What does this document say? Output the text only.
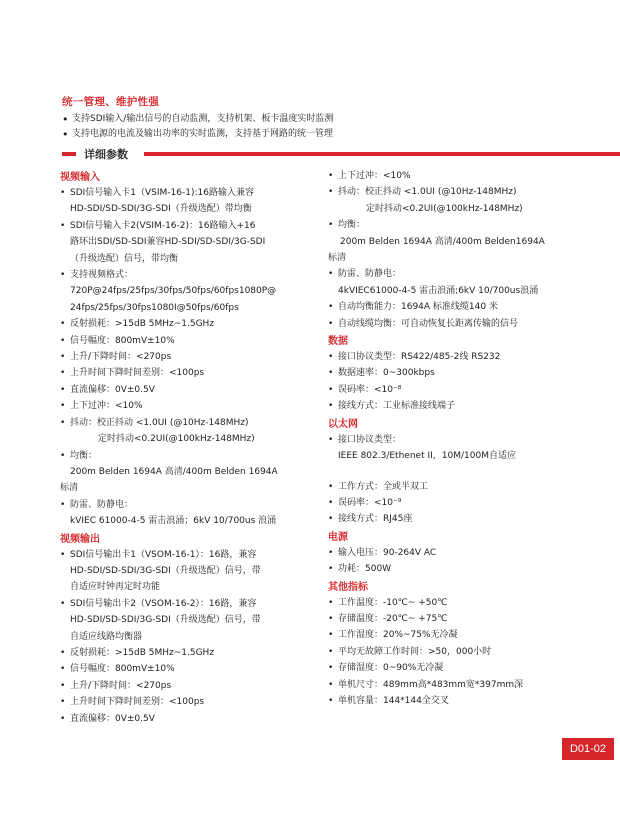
统一管理、维护性强
• 支持SDI输入/输出信号的自动监测，支持机架、板卡温度实时监测
• 支持电源的电流及输出功率的实时监测，支持基于网路的统一管理
详细参数
视频输入
• SDI信号输入卡1（VSIM-16-1):16路输入兼容
HD-SDI/SD-SDI/3G-SDI（升级选配）带均衡
• SDI信号输入卡2(VSIM-16-2)：16路输入+16
路环出SDI/SD-SDI兼容HD-SDI/SD-SDI/3G-SDI
（升级选配）信号，带均衡
• 支持视频格式：
720P@24fps/25fps/30fps/50fps/60fps1080P@
24fps/25fps/30fps1080I@50fps/60fps
• 反射损耗：>15dB 5MHz~1.5GHz
• 信号幅度：800mV±10%
• 上升/下降时间：<270ps
• 上升时间下降时间差别：<100ps
• 直流偏移：0V±0.5V
• 上下过冲：<10%
• 抖动：校正抖动 <1.0UI (@10Hz-148MHz)
定时抖动<0.2UI(@100kHz-148MHz)
• 均衡：
200m Belden 1694A 高清/400m Belden 1694A
标清
• 防雷、防静电：
kVIEC 61000-4-5 雷击浪涌；6kV 10/700us 浪涌
视频输出
• SDI信号输出卡1（VSOM-16-1）：16路，兼容
HD-SDI/SD-SDI/3G-SDI（升级选配）信号，带
自适应时钟再定时功能
• SDI信号输出卡2（VSOM-16-2）：16路，兼容
HD-SDI/SD-SDI/3G-SDI（升级选配）信号，带
自适应线路均衡器
• 反射损耗：>15dB 5MHz~1.5GHz
• 信号幅度：800mV±10%
• 上升/下降时间：<270ps
• 上升时间下降时间差别：<100ps
• 直流偏移：0V±0.5V
• 上下过冲：<10%
• 抖动：校正抖动 <1.0UI (@10Hz-148MHz)
定时抖动<0.2UI(@100kHz-148MHz)
• 均衡：
200m Belden 1694A 高清/400m Belden1694A
标清
• 防雷、防静电：
4kVIEC61000-4-5 雷击浪涌;6kV 10/700us浪涌
• 自动均衡能力：1694A 标准线缆140 米
• 自动线缆均衡：可自动恢复长距离传输的信号
数据
• 接口协议类型：RS422/485-2线 RS232
• 数据速率：0~300kbps
• 误码率：<10⁻⁸
• 接线方式：工业标准接线端子
以太网
• 接口协议类型：
IEEE 802.3/Ethenet II，10M/100M自适应
• 工作方式：全或半双工
• 误码率：<10⁻⁹
• 接线方式：RJ45座
电源
• 输入电压：90-264V AC
• 功耗：500W
其他指标
• 工作温度：-10℃~ +50℃
• 存储温度：-20℃~ +75℃
• 工作湿度：20%~75%无冷凝
• 平均无故障工作时间：>50，000小时
• 存储湿度：0~90%无冷凝
• 单机尺寸：489mm高*483mm宽*397mm深
• 单机容量：144*144全交叉
D01-02
